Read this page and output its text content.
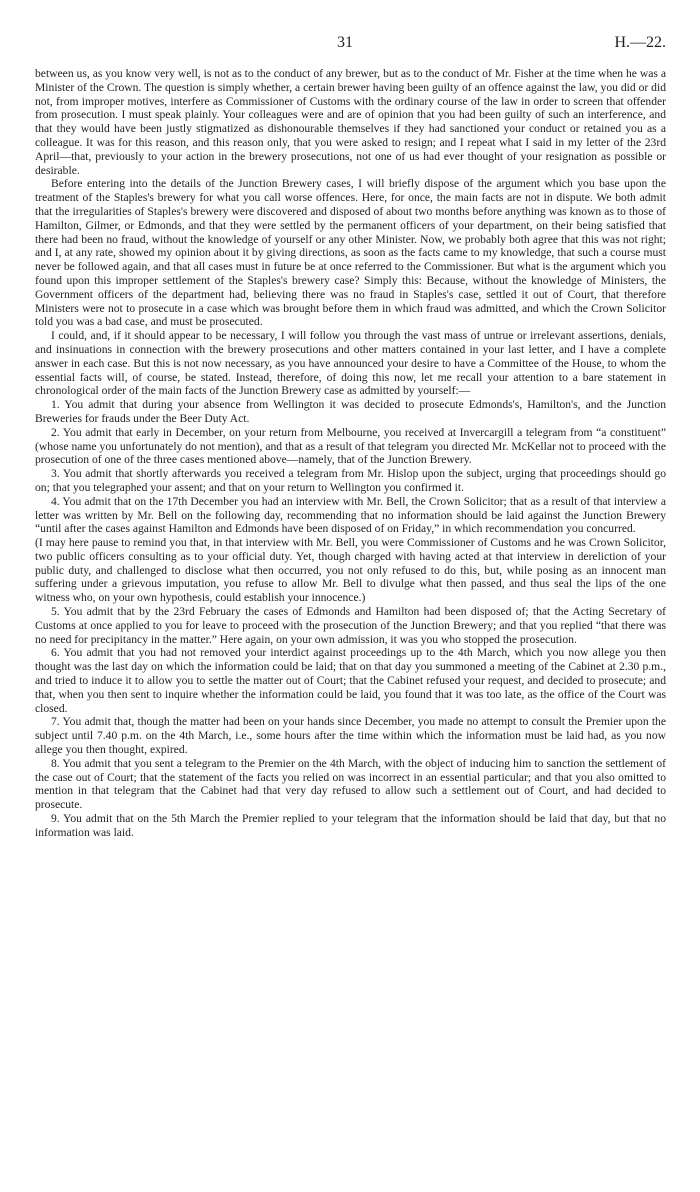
31	H.—22.

between us, as you know very well, is not as to the conduct of any brewer, but as to the conduct of Mr. Fisher at the time when he was a Minister of the Crown. The question is simply whether, a certain brewer having been guilty of an offence against the law, you did or did not, from improper motives, interfere as Commissioner of Customs with the ordinary course of the law in order to screen that offender from prosecution. I must speak plainly. Your colleagues were and are of opinion that you had been guilty of such an interference, and that they would have been justly stigmatized as dishonourable themselves if they had sanctioned your conduct or retained you as a colleague. It was for this reason, and this reason only, that you were asked to resign; and I repeat what I said in my letter of the 23rd April—that, previously to your action in the brewery prosecutions, not one of us had ever thought of your resignation as possible or desirable.

Before entering into the details of the Junction Brewery cases, I will briefly dispose of the argument which you base upon the treatment of the Staples's brewery for what you call worse offences. Here, for once, the main facts are not in dispute. We both admit that the irregularities of Staples's brewery were discovered and disposed of about two months before anything was known as to those of Hamilton, Gilmer, or Edmonds, and that they were settled by the permanent officers of your department, on their being satisfied that there had been no fraud, without the knowledge of yourself or any other Minister. Now, we probably both agree that this was not right; and I, at any rate, showed my opinion about it by giving directions, as soon as the facts came to my knowledge, that such a course must never be followed again, and that all cases must in future be at once referred to the Commissioner. But what is the argument which you found upon this improper settlement of the Staples's brewery case? Simply this: Because, without the knowledge of Ministers, the Government officers of the department had, believing there was no fraud in Staples's case, settled it out of Court, that therefore Ministers were not to prosecute in a case which was brought before them in which fraud was admitted, and which the Crown Solicitor told you was a bad case, and must be prosecuted.

I could, and, if it should appear to be necessary, I will follow you through the vast mass of untrue or irrelevant assertions, denials, and insinuations in connection with the brewery prosecutions and other matters contained in your last letter, and I have a complete answer in each case. But this is not now necessary, as you have announced your desire to have a Committee of the House, to whom the essential facts will, of course, be stated. Instead, therefore, of doing this now, let me recall your attention to a bare statement in chronological order of the main facts of the Junction Brewery case as admitted by yourself:—

1. You admit that during your absence from Wellington it was decided to prosecute Edmonds's, Hamilton's, and the Junction Breweries for frauds under the Beer Duty Act.

2. You admit that early in December, on your return from Melbourne, you received at Invercargill a telegram from “a constituent” (whose name you unfortunately do not mention), and that as a result of that telegram you directed Mr. McKellar not to proceed with the prosecution of one of the three cases mentioned above—namely, that of the Junction Brewery.

3. You admit that shortly afterwards you received a telegram from Mr. Hislop upon the subject, urging that proceedings should go on; that you telegraphed your assent; and that on your return to Wellington you confirmed it.

4. You admit that on the 17th December you had an interview with Mr. Bell, the Crown Solicitor; that as a result of that interview a letter was written by Mr. Bell on the following day, recommending that no information should be laid against the Junction Brewery “until after the cases against Hamilton and Edmonds have been disposed of on Friday,” in which recommendation you concurred.

(I may here pause to remind you that, in that interview with Mr. Bell, you were Commissioner of Customs and he was Crown Solicitor, two public officers consulting as to your official duty. Yet, though charged with having acted at that interview in dereliction of your public duty, and challenged to disclose what then occurred, you not only refused to do this, but, while posing as an innocent man suffering under a grievous imputation, you refuse to allow Mr. Bell to divulge what then passed, and thus seal the lips of the one witness who, on your own hypothesis, could establish your innocence.)

5. You admit that by the 23rd February the cases of Edmonds and Hamilton had been disposed of; that the Acting Secretary of Customs at once applied to you for leave to proceed with the prosecution of the Junction Brewery; and that you replied “that there was no need for precipitancy in the matter.” Here again, on your own admission, it was you who stopped the prosecution.

6. You admit that you had not removed your interdict against proceedings up to the 4th March, which you now allege you then thought was the last day on which the information could be laid; that on that day you summoned a meeting of the Cabinet at 2.30 p.m., and tried to induce it to allow you to settle the matter out of Court; that the Cabinet refused your request, and decided to prosecute; and that, when you then sent to inquire whether the information could be laid, you found that it was too late, as the office of the Court was closed.

7. You admit that, though the matter had been on your hands since December, you made no attempt to consult the Premier upon the subject until 7.40 p.m. on the 4th March, i.e., some hours after the time within which the information must be laid had, as you now allege you then thought, expired.

8. You admit that you sent a telegram to the Premier on the 4th March, with the object of inducing him to sanction the settlement of the case out of Court; that the statement of the facts you relied on was incorrect in an essential particular; and that you also omitted to mention in that telegram that the Cabinet had that very day refused to allow such a settlement out of Court, and had decided to prosecute.

9. You admit that on the 5th March the Premier replied to your telegram that the information should be laid that day, but that no information was laid.
